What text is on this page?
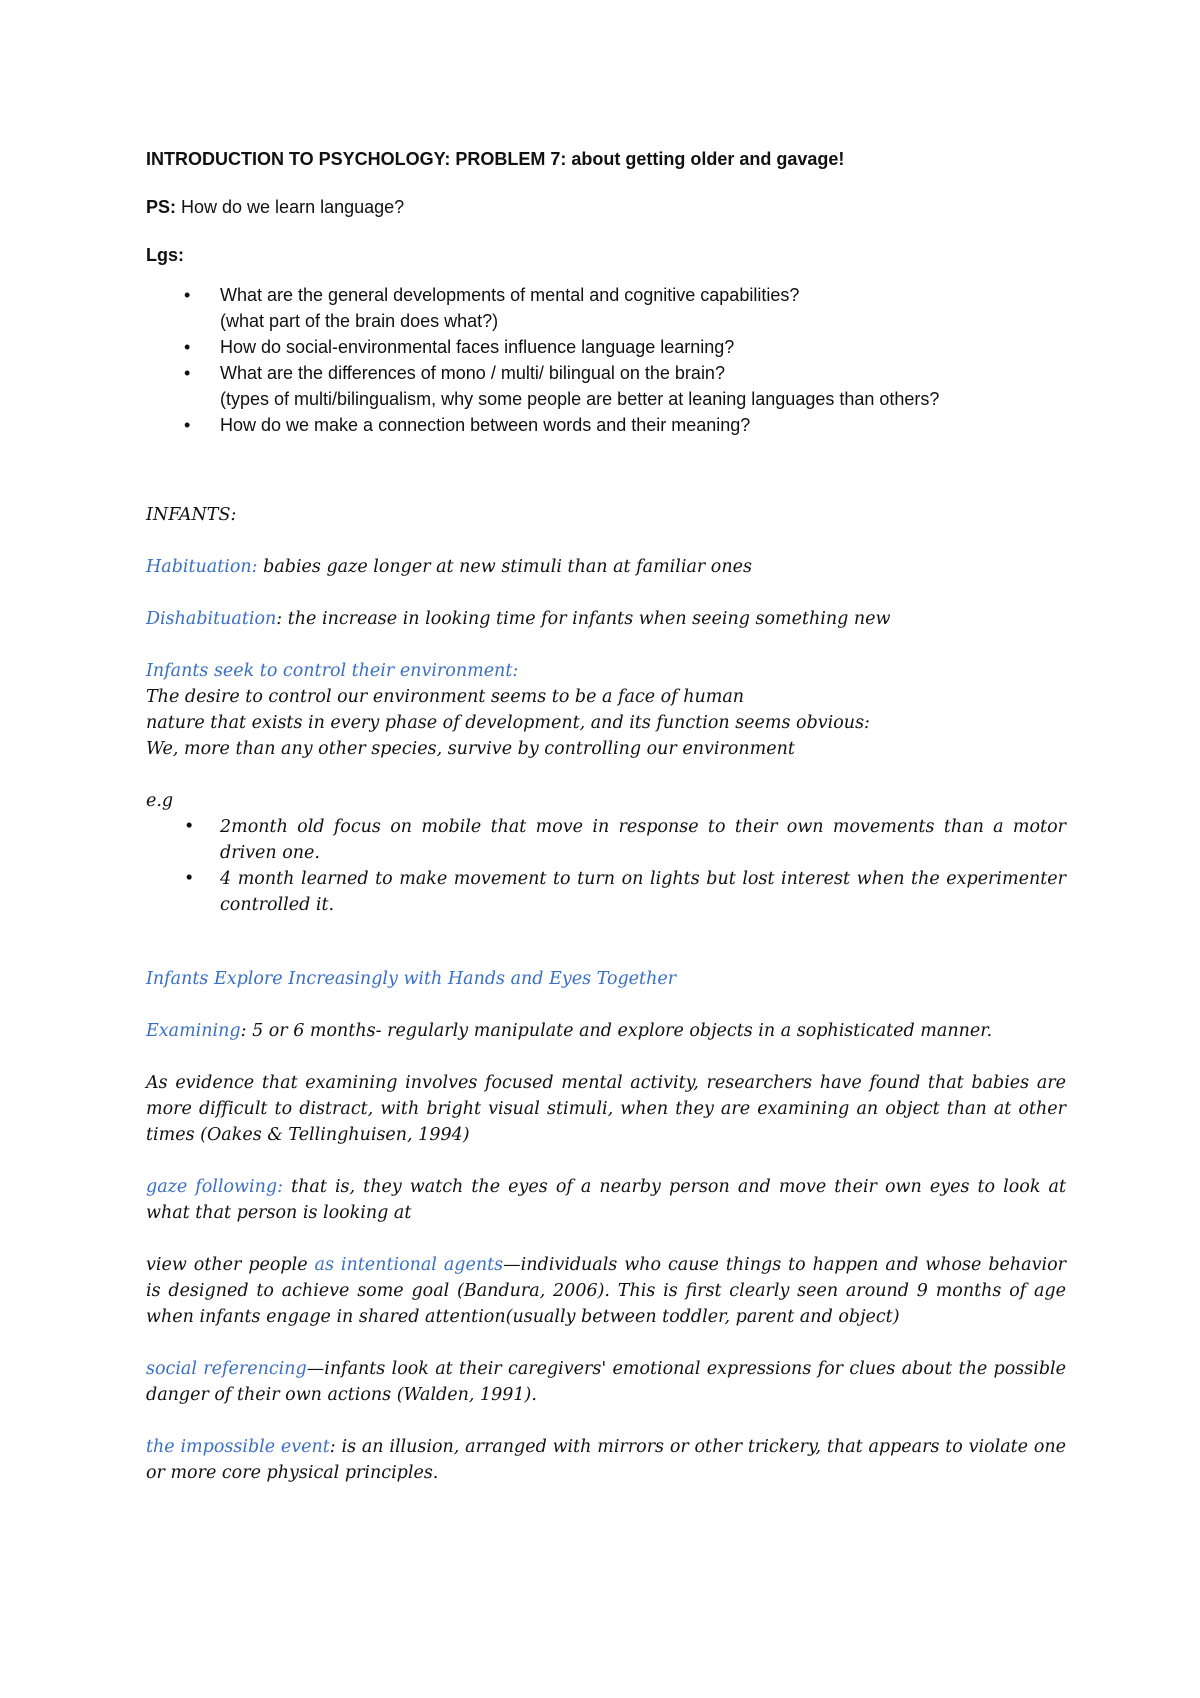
INTRODUCTION TO PSYCHOLOGY: PROBLEM 7: about getting older and gavage!

PS: How do we learn language?

Lgs:

• What are the general developments of mental and cognitive capabilities?
(what part of the brain does what?)
• How do social-environmental faces influence language learning?
• What are the differences of mono / multi/ bilingual on the brain?
(types of multi/bilingualism, why some people are better at leaning languages than others?
• How do we make a connection between words and their meaning?

INFANTS:

Habituation: babies gaze longer at new stimuli than at familiar ones

Dishabituation: the increase in looking time for infants when seeing something new

Infants seek to control their environment:
The desire to control our environment seems to be a face of human
nature that exists in every phase of development, and its function seems obvious:
We, more than any other species, survive by controlling our environment
e.g
• 2month old focus on mobile that move in response to their own movements than a motor driven one.
• 4 month learned to make movement to turn on lights but lost interest when the experimenter controlled it.

Infants Explore Increasingly with Hands and Eyes Together

Examining: 5 or 6 months- regularly manipulate and explore objects in a sophisticated manner.

As evidence that examining involves focused mental activity, researchers have found that babies are more difficult to distract, with bright visual stimuli, when they are examining an object than at other times (Oakes & Tellinghuisen, 1994)

gaze following: that is, they watch the eyes of a nearby person and move their own eyes to look at what that person is looking at

view other people as intentional agents—individuals who cause things to happen and whose behavior is designed to achieve some goal (Bandura, 2006). This is first clearly seen around 9 months of age when infants engage in shared attention(usually between toddler, parent and object)

social referencing—infants look at their caregivers' emotional expressions for clues about the possible danger of their own actions (Walden, 1991).

the impossible event: is an illusion, arranged with mirrors or other trickery, that appears to violate one or more core physical principles.
